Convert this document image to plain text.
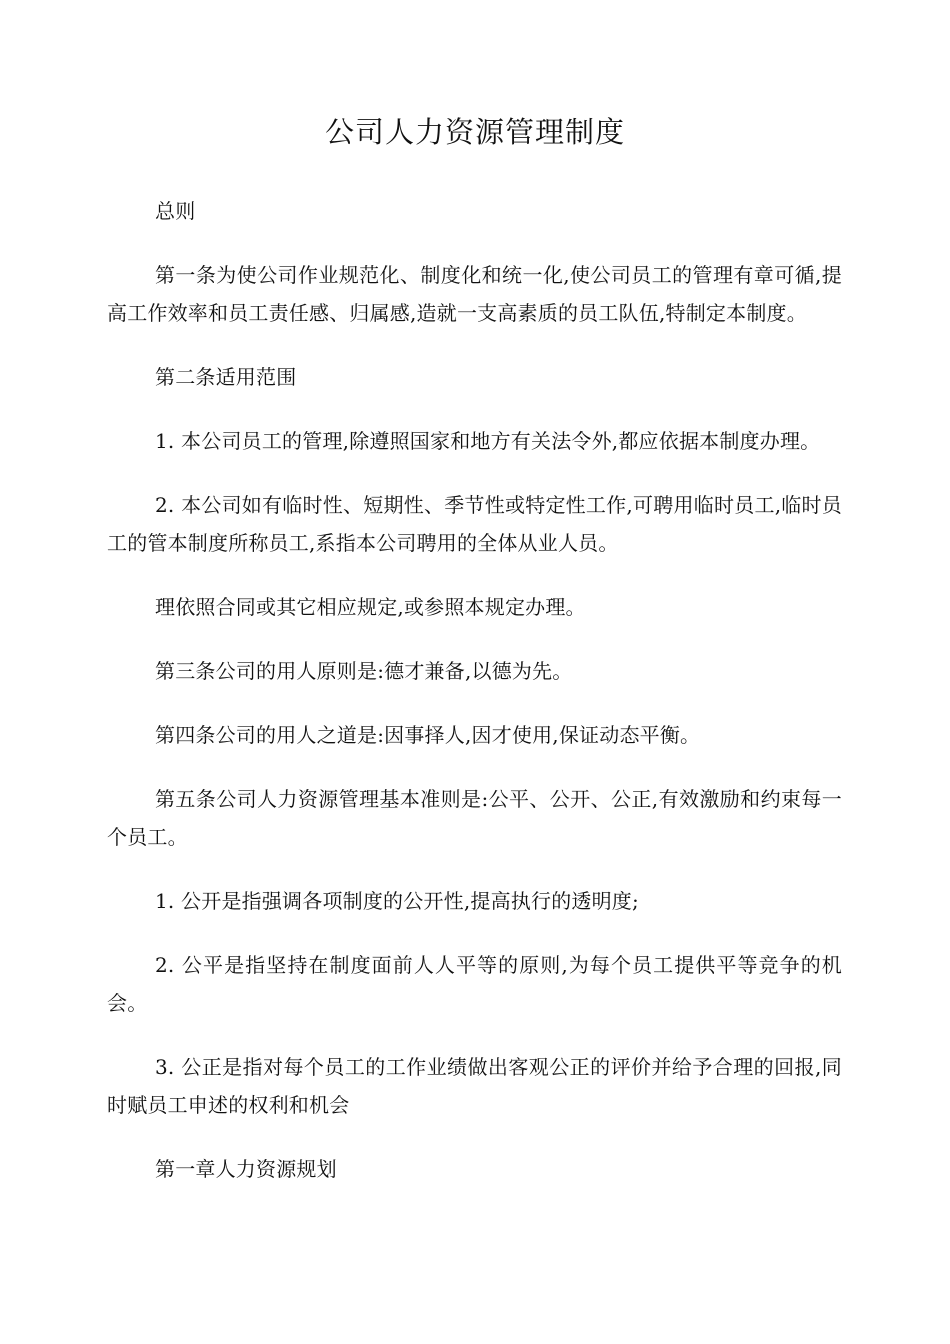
公司人力资源管理制度

总则

第一条为使公司作业规范化、制度化和统一化,使公司员工的管理有章可循,提高工作效率和员工责任感、归属感,造就一支高素质的员工队伍,特制定本制度。

第二条适用范围

1. 本公司员工的管理,除遵照国家和地方有关法令外,都应依据本制度办理。

2. 本公司如有临时性、短期性、季节性或特定性工作,可聘用临时员工,临时员工的管本制度所称员工,系指本公司聘用的全体从业人员。

理依照合同或其它相应规定,或参照本规定办理。

第三条公司的用人原则是:德才兼备,以德为先。

第四条公司的用人之道是:因事择人,因才使用,保证动态平衡。

第五条公司人力资源管理基本准则是:公平、公开、公正,有效激励和约束每一个员工。

1. 公开是指强调各项制度的公开性,提高执行的透明度;

2. 公平是指坚持在制度面前人人平等的原则,为每个员工提供平等竞争的机会。

3. 公正是指对每个员工的工作业绩做出客观公正的评价并给予合理的回报,同时赋员工申述的权利和机会

第一章人力资源规划
